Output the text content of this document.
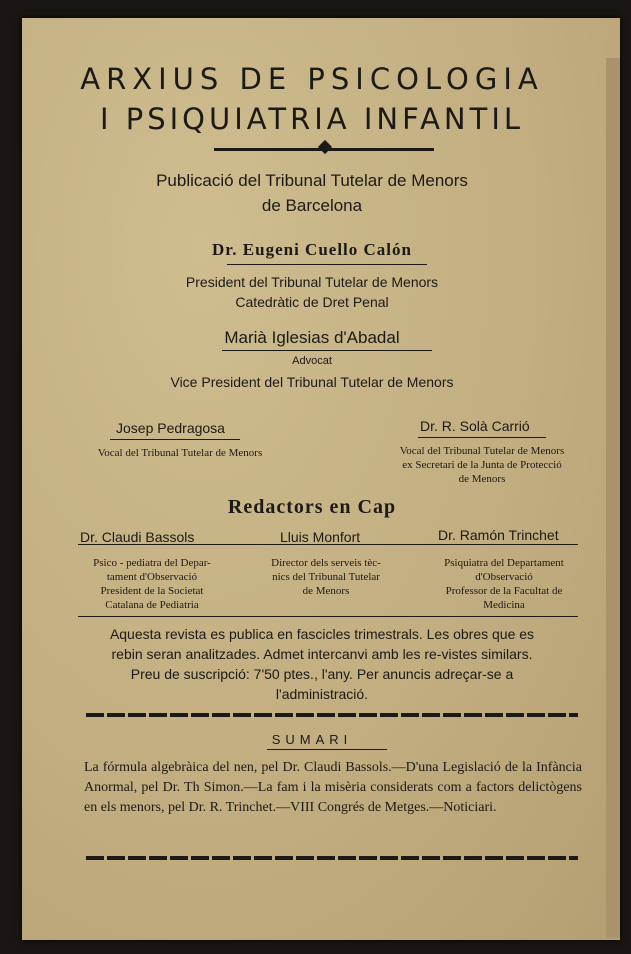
ARXIUS DE PSICOLOGIA
I PSIQUIATRIA INFANTIL
Publicació del Tribunal Tutelar de Menors
de Barcelona
Dr. Eugeni Cuello Calón
President del Tribunal Tutelar de Menors
Catedràtic de Dret Penal
Marià Iglesias d'Abadal
Advocat
Vice President del Tribunal Tutelar de Menors
Josep Pedragosa
Vocal del Tribunal Tutelar de Menors
Dr. R. Solà Carrió
Vocal del Tribunal Tutelar de Menors
ex Secretari de la Junta de Protecció
de Menors
Redactors en Cap
Dr. Claudi Bassols
Psico - pediatra del Depar-
tament d'Observació
President de la Societat
Catalana de Pediatria
Lluis Monfort
Director dels serveis tèc-
nics del Tribunal Tutelar
de Menors
Dr. Ramón Trinchet
Psiquiatra del Departament
d'Observació
Professor de la Facultat de
Medicina
Aquesta revista es publica en fascicles trimestrals. Les obres que es rebin seran analitzades. Admet intercanvi amb les re-vistes similars. Preu de suscripció: 7'50 ptes., l'any. Per anuncis adreçar-se a l'administració.
SUMARI
La fórmula algebràica del nen, pel Dr. Claudi Bassols.—D'una Legislació de la Infància Anormal, pel Dr. Th Simon.—La fam i la misèria considerats com a factors delictògens en els menors, pel Dr. R. Trinchet.—VIII Congrés de Metges.—Noticiari.
